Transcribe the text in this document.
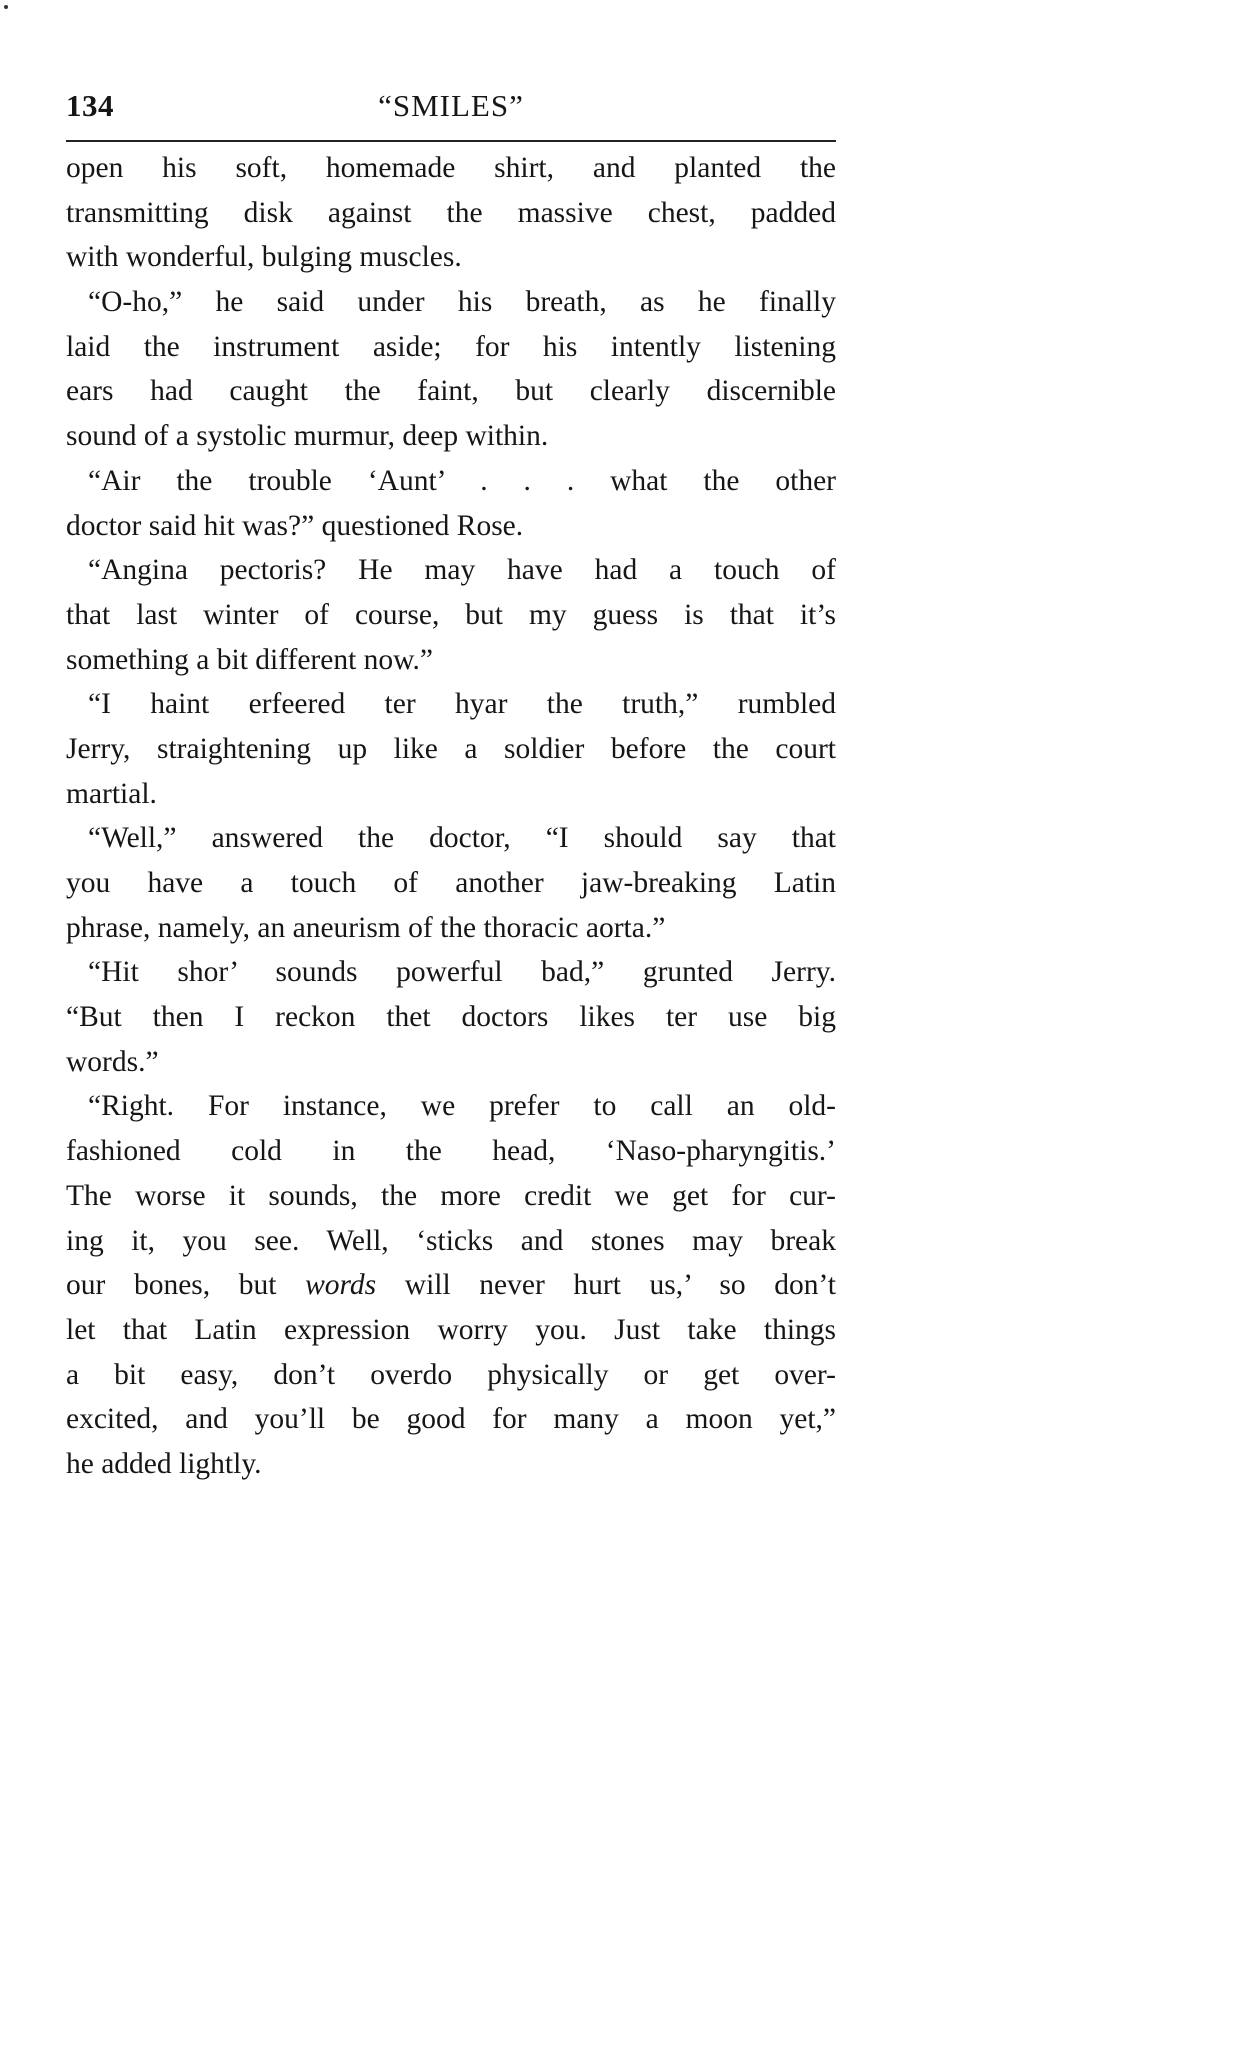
134	“SMILES”
open his soft, homemade shirt, and planted the
transmitting disk against the massive chest, padded
with wonderful, bulging muscles.
“O-ho,” he said under his breath, as he finally
laid the instrument aside; for his intently listening
ears had caught the faint, but clearly discernible
sound of a systolic murmur, deep within.
“Air the trouble ‘Aunt’ . . . what the other
doctor said hit was?” questioned Rose.
“Angina pectoris? He may have had a touch of
that last winter of course, but my guess is that it’s
something a bit different now.”
“I haint erfeered ter hyar the truth,” rumbled
Jerry, straightening up like a soldier before the court
martial.
“Well,” answered the doctor, “I should say that
you have a touch of another jaw-breaking Latin
phrase, namely, an aneurism of the thoracic aorta.”
“Hit shor’ sounds powerful bad,” grunted Jerry.
“But then I reckon thet doctors likes ter use big
words.”
“Right. For instance, we prefer to call an old-
fashioned cold in the head, ‘Naso-pharyngitis.’
The worse it sounds, the more credit we get for cur-
ing it, you see. Well, ‘sticks and stones may break
our bones, but words will never hurt us,’ so don’t
let that Latin expression worry you. Just take things
a bit easy, don’t overdo physically or get over-
excited, and you’ll be good for many a moon yet,”
he added lightly.
